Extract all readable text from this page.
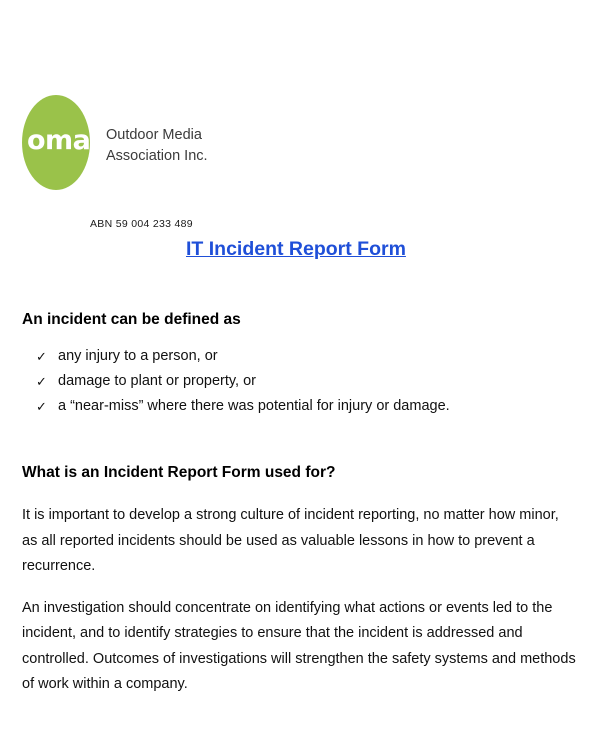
oma Outdoor Media
Association Inc.
ABN 59 004 233 489
IT Incident Report Form
An incident can be defined as
✓ any injury to a person, or
✓ damage to plant or property, or
✓ a “near-miss” where there was potential for injury or damage.
What is an Incident Report Form used for?

It is important to develop a strong culture of incident reporting, no matter how minor, as all reported incidents should be used as valuable lessons in how to prevent a recurrence.

An investigation should concentrate on identifying what actions or events led to the incident, and to identify strategies to ensure that the incident is addressed and controlled. Outcomes of investigations will strengthen the safety systems and methods of work within a company.
